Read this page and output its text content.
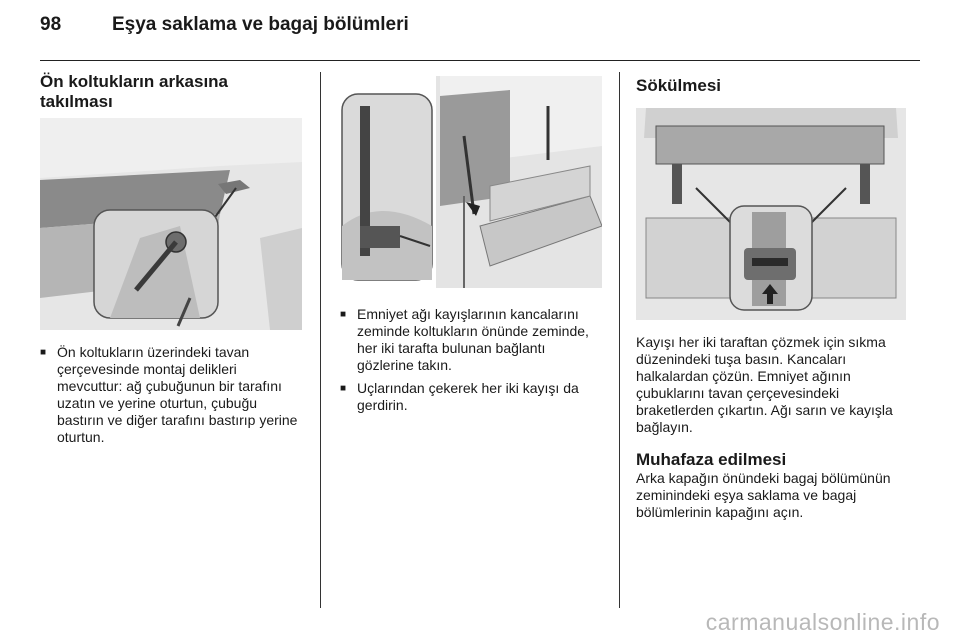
98	Eşya saklama ve bagaj bölümleri
Ön koltukların arkasına
takılması
■ Ön koltukların üzerindeki tavan çerçevesinde montaj delikleri mevcuttur: ağ çubuğunun bir tarafını uzatın ve yerine oturtun, çubuğu bastırın ve diğer tarafını bastırıp yerine oturtun.
■ Emniyet ağı kayışlarının kancalarını zeminde koltukların önünde zeminde, her iki tarafta bulunan bağlantı gözlerine takın.
■ Uçlarından çekerek her iki kayışı da gerdirin.
Sökülmesi

Kayışı her iki taraftan çözmek için sıkma düzenindeki tuşa basın. Kancaları halkalardan çözün. Emniyet ağının çubuklarını tavan çerçevesindeki braketlerden çıkartın. Ağı sarın ve kayışla bağlayın.

Muhafaza edilmesi

Arka kapağın önündeki bagaj bölümünün zeminindeki eşya saklama ve bagaj bölümlerinin kapağını açın.

carmanualsonline.info
